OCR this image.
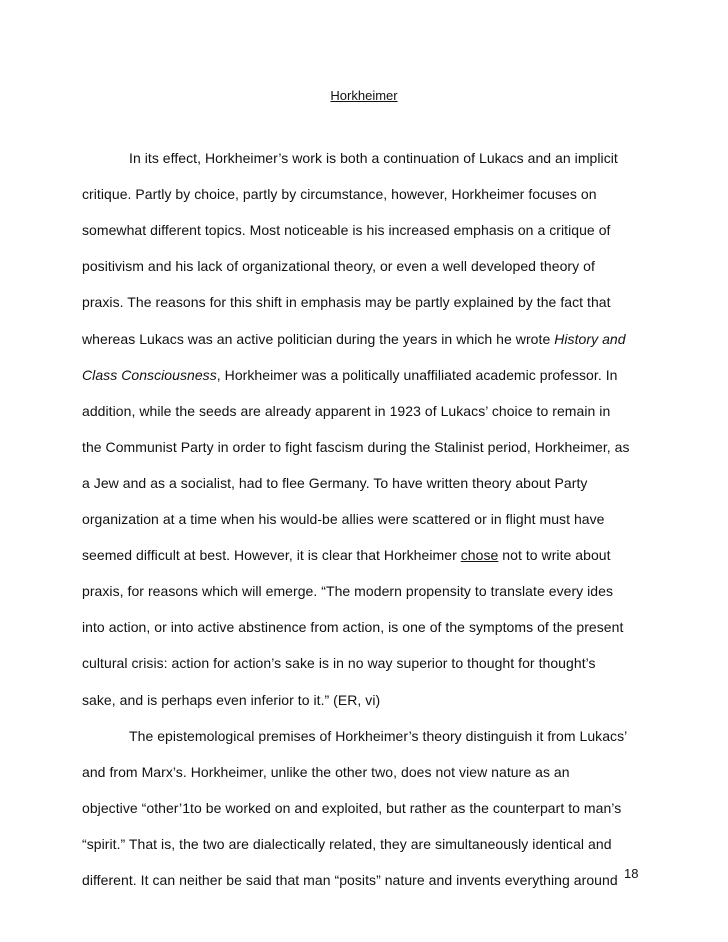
Horkheimer
In its effect, Horkheimer’s work is both a continuation of Lukacs and an implicit
critique. Partly by choice, partly by circumstance, however, Horkheimer focuses on
somewhat different topics. Most noticeable is his increased emphasis on a critique of
positivism and his lack of organizational theory, or even a well developed theory of
praxis. The reasons for this shift in emphasis may be partly explained by the fact that
whereas Lukacs was an active politician during the years in which he wrote History and
Class Consciousness, Horkheimer was a politically unaffiliated academic professor. In
addition, while the seeds are already apparent in 1923 of Lukacs’ choice to remain in
the Communist Party in order to fight fascism during the Stalinist period, Horkheimer, as
a Jew and as a socialist, had to flee Germany. To have written theory about Party
organization at a time when his would-be allies were scattered or in flight must have
seemed difficult at best. However, it is clear that Horkheimer chose not to write about
praxis, for reasons which will emerge. “The modern propensity to translate every ides
into action, or into active abstinence from action, is one of the symptoms of the present
cultural crisis: action for action’s sake is in no way superior to thought for thought’s
sake, and is perhaps even inferior to it.” (ER, vi)
The epistemological premises of Horkheimer’s theory distinguish it from Lukacs’
and from Marx’s. Horkheimer, unlike the other two, does not view nature as an
objective “other’1to be worked on and exploited, but rather as the counterpart to man’s
“spirit.” That is, the two are dialectically related, they are simultaneously identical and
different. It can neither be said that man “posits” nature and invents everything around 18
